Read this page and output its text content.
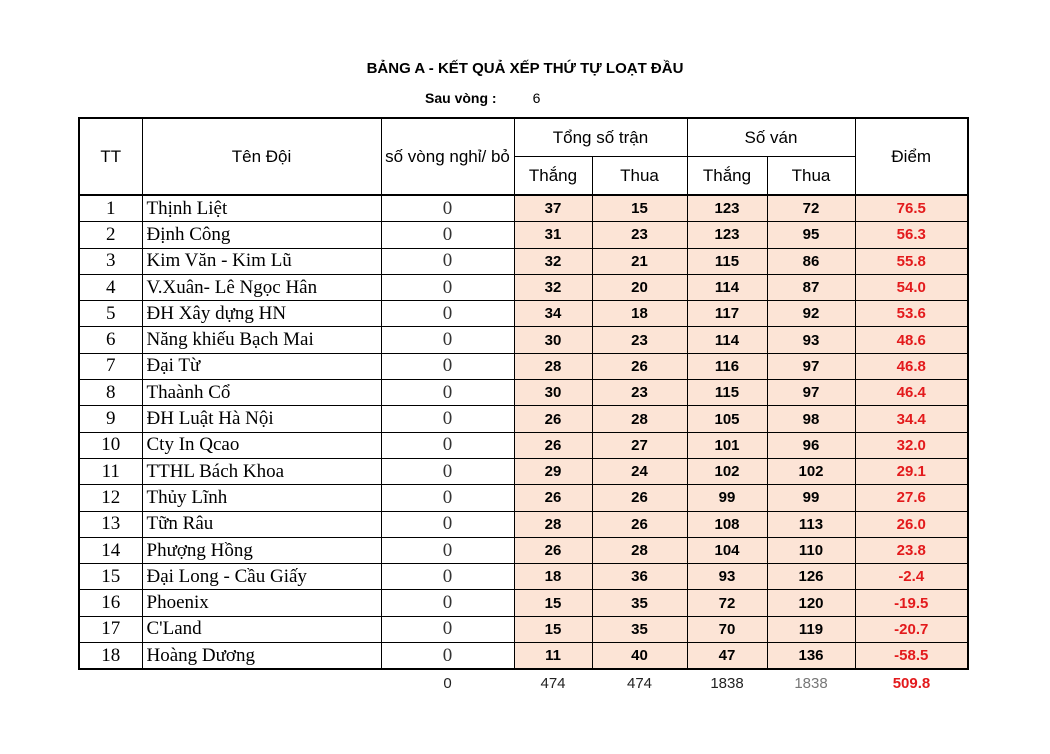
BẢNG A - KẾT QUẢ XẾP THỨ TỰ LOẠT ĐẦU
Sau vòng :	6
TT	Tên Đội	số vòng nghỉ/ bỏ	Tổng số trận		Số ván		Điểm
			Thắng	Thua	Thắng	Thua	
1	Thịnh Liệt	0	37	15	123	72	76.5
2	Định Công	0	31	23	123	95	56.3
3	Kim Văn - Kim Lũ	0	32	21	115	86	55.8
4	V.Xuân- Lê Ngọc Hân	0	32	20	114	87	54.0
5	ĐH Xây dựng HN	0	34	18	117	92	53.6
6	Năng khiếu Bạch Mai	0	30	23	114	93	48.6
7	Đại Từ	0	28	26	116	97	46.8
8	Thaành Cổ	0	30	23	115	97	46.4
9	ĐH Luật Hà Nội	0	26	28	105	98	34.4
10	Cty In Qcao	0	26	27	101	96	32.0
11	TTHL Bách Khoa	0	29	24	102	102	29.1
12	Thủy Lĩnh	0	26	26	99	99	27.6
13	Tữn Râu	0	28	26	108	113	26.0
14	Phượng Hồng	0	26	28	104	110	23.8
15	Đại Long - Cầu Giấy	0	18	36	93	126	-2.4
16	Phoenix	0	15	35	72	120	-19.5
17	C'Land	0	15	35	70	119	-20.7
18	Hoàng Dương	0	11	40	47	136	-58.5
		0	474	474	1838	1838	509.8
